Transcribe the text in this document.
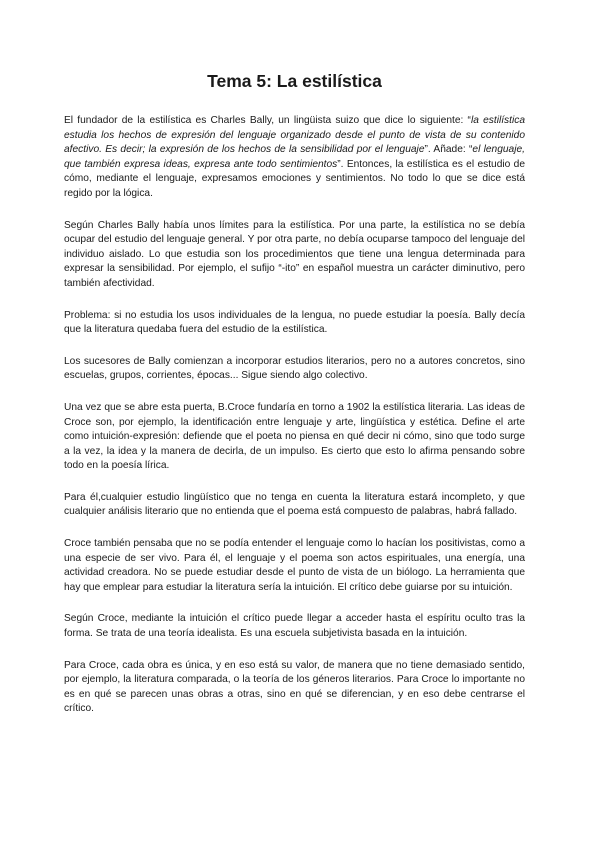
Tema 5: La estilística

El fundador de la estilística es Charles Bally, un lingüista suizo que dice lo siguiente: “la estilística estudia los hechos de expresión del lenguaje organizado desde el punto de vista de su contenido afectivo. Es decir; la expresión de los hechos de la sensibilidad por el lenguaje”. Añade: “el lenguaje, que también expresa ideas, expresa ante todo sentimientos”. Entonces, la estilística es el estudio de cómo, mediante el lenguaje, expresamos emociones y sentimientos. No todo lo que se dice está regido por la lógica.

Según Charles Bally había unos límites para la estilística. Por una parte, la estilística no se debía ocupar del estudio del lenguaje general. Y por otra parte, no debía ocuparse tampoco del lenguaje del individuo aislado. Lo que estudia son los procedimientos que tiene una lengua determinada para expresar la sensibilidad. Por ejemplo, el sufijo “-ito” en español muestra un carácter diminutivo, pero también afectividad.

Problema: si no estudia los usos individuales de la lengua, no puede estudiar la poesía. Bally decía que la literatura quedaba fuera del estudio de la estilística.

Los sucesores de Bally comienzan a incorporar estudios literarios, pero no a autores concretos, sino escuelas, grupos, corrientes, épocas... Sigue siendo algo colectivo.

Una vez que se abre esta puerta, B.Croce fundaría en torno a 1902 la estilística literaria. Las ideas de Croce son, por ejemplo, la identificación entre lenguaje y arte, lingüística y estética. Define el arte como intuición-expresión: defiende que el poeta no piensa en qué decir ni cómo, sino que todo surge a la vez, la idea y la manera de decirla, de un impulso. Es cierto que esto lo afirma pensando sobre todo en la poesía lírica.

Para él,cualquier estudio lingüístico que no tenga en cuenta la literatura estará incompleto, y que cualquier análisis literario que no entienda que el poema está compuesto de palabras, habrá fallado.

Croce también pensaba que no se podía entender el lenguaje como lo hacían los positivistas, como a una especie de ser vivo. Para él, el lenguaje y el poema son actos espirituales, una energía, una actividad creadora. No se puede estudiar desde el punto de vista de un biólogo. La herramienta que hay que emplear para estudiar la literatura sería la intuición. El crítico debe guiarse por su intuición.

Según Croce, mediante la intuición el crítico puede llegar a acceder hasta el espíritu oculto tras la forma. Se trata de una teoría idealista. Es una escuela subjetivista basada en la intuición.

Para Croce, cada obra es única, y en eso está su valor, de manera que no tiene demasiado sentido, por ejemplo, la literatura comparada, o la teoría de los géneros literarios. Para Croce lo importante no es en qué se parecen unas obras a otras, sino en qué se diferencian, y en eso debe centrarse el crítico.
